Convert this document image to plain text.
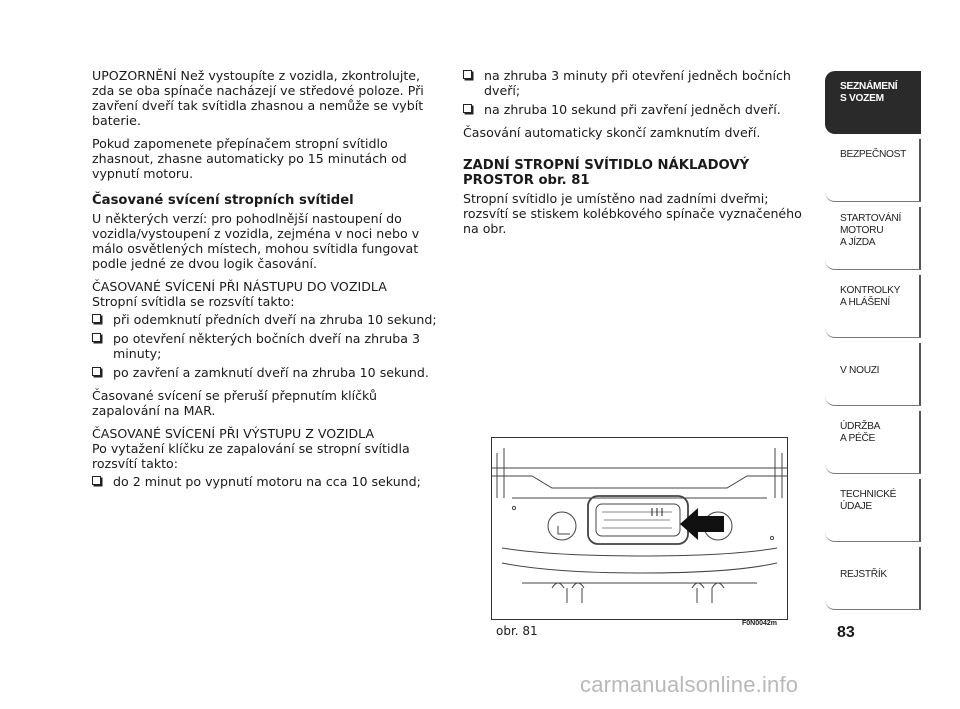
UPOZORNĚNÍ Než vystoupíte z vozidla, zkontrolujte, zda se oba spínače nacházejí ve středové poloze. Při zavření dveří tak svítidla zhasnou a nemůže se vybít baterie.

Pokud zapomenete přepínačem stropní svítidlo zhasnout, zhasne automaticky po 15 minutách od vypnutí motoru.

Časované svícení stropních svítidel

U některých verzí: pro pohodlnější nastoupení do vozidla/vystoupení z vozidla, zejména v noci nebo v málo osvětlených místech, mohou svítidla fungovat podle jedné ze dvou logik časování.

ČASOVANÉ SVÍCENÍ PŘI NÁSTUPU DO VOZIDLA

Stropní svítidla se rozsvítí takto:

při odemknutí předních dveří na zhruba 10 sekund;
po otevření některých bočních dveří na zhruba 3 minuty;
po zavření a zamknutí dveří na zhruba 10 sekund.

Časované svícení se přeruší přepnutím klíčků zapalování na MAR.

ČASOVANÉ SVÍCENÍ PŘI VÝSTUPU Z VOZIDLA

Po vytažení klíčku ze zapalování se stropní svítidla rozsvítí takto:

do 2 minut po vypnutí motoru na cca 10 sekund;
na zhruba 3 minuty při otevření jedněch bočních dveří;
na zhruba 10 sekund při zavření jedněch dveří.

Časování automaticky skončí zamknutím dveří.

ZADNÍ STROPNÍ SVÍTIDLO NÁKLADOVÝ PROSTOR obr. 81

Stropní svítidlo je umístěno nad zadními dveřmi; rozsvítí se stiskem kolébkového spínače vyznačeného na obr.

obr. 81
F0N0042m
SEZNÁMENÍ
S VOZEM
BEZPEČNOST
STARTOVÁNÍ
MOTORU
A JÍZDA
KONTROLKY
A HLÁŠENÍ
V NOUZI
ÚDRŽBA
A PÉČE
TECHNICKÉ
ÚDAJE
REJSTŘÍK
83
carmanualsonline.info
